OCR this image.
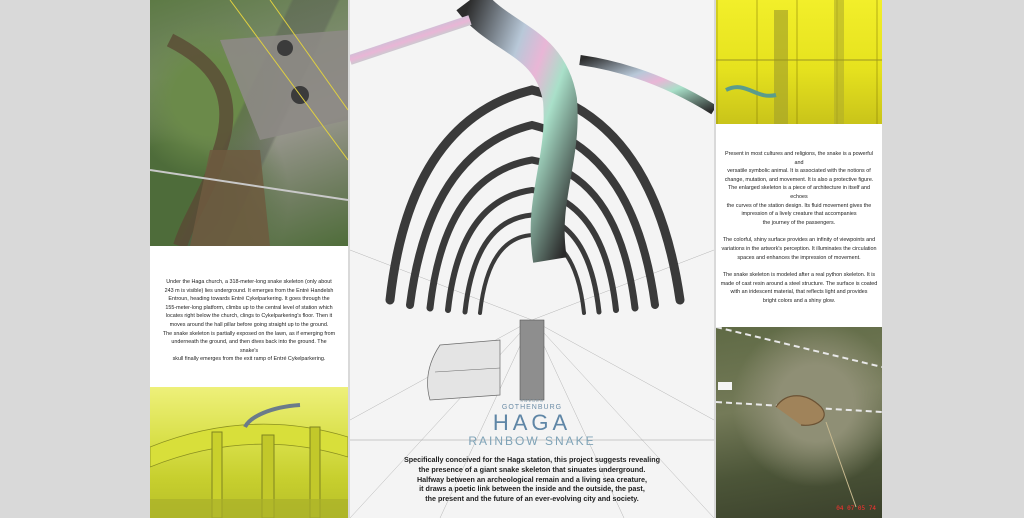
Under the Haga church, a 318-meter-long snake skeleton (only about
243 m is visible) lies underground. It emerges from the Entré Handelsh
Entroun, heading towards Entré Cykelparkering. It goes through the
155-meter-long platform, climbs up to the central level of station which
locates right below the church, clings to Cykelparkering's floor. Then it
moves around the hall pillar before going straight up to the ground.
The snake skeleton is partially exposed on the lawn, as if emerging from
underneath the ground, and then dives back into the ground. The snake's
skull finally emerges from the exit ramp of Entré Cykelparkering.
SWEDEN
GOTHENBURG
HAGA
RAINBOW SNAKE
Specifically conceived for the Haga station, this project suggests revealing
the presence of a giant snake skeleton that sinuates underground.
Halfway between an archeological remain and a living sea creature,
it draws a poetic link between the inside and the outside, the past,
the present and the future of an ever-evolving city and society.

Present in most cultures and religions, the snake is a powerful and
versatile symbolic animal. It is associated with the notions of
change, mutation, and movement. It is also a protective figure.
The enlarged skeleton is a piece of architecture in itself and echoes
the curves of the station design. Its fluid movement gives the
impression of a lively creature that accompanies
the journey of the passengers.

The colorful, shiny surface provides an infinity of viewpoints and
variations in the artwork's perception. It illuminates the circulation
spaces and enhances the impression of movement.

The snake skeleton is modeled after a real python skeleton. It is
made of cast resin around a steel structure. The surface is coated
with an iridescent material, that reflects light and provides
bright colors and a shiny glow.

04 07 05 74
